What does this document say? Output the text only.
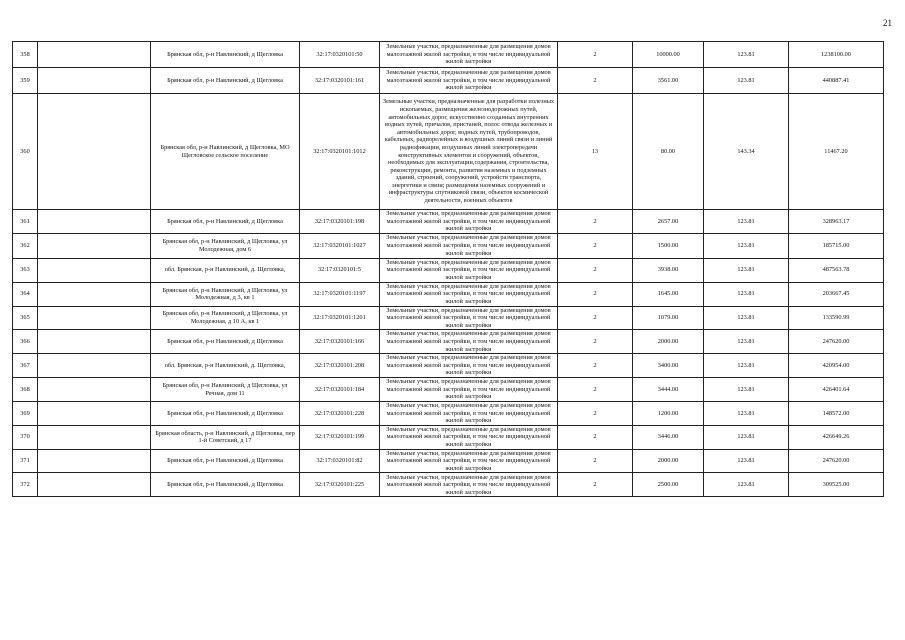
21
358		Брянская обл, р-н Навлинский, д Щегловка	32:17:0320101:50	Земельные участки, предназначенные для размещения домов малоэтажной жилой застройки, в том числе индивидуальной жилой застройки	2	10000.00	123.81	1238100.00
359		Брянская обл, р-н Навлинский, д Щегловка	32:17:0320101:161	Земельные участки, предназначенные для размещения домов малоэтажной жилой застройки, в том числе индивидуальной жилой застройки	2	3561.00	123.81	440887.41
360		Брянская обл, р-н Навлинский, д Щегловка, МО Щегловское сельское поселение	32:17:0320101:1012	Земельные участки, предназначенные для разработки полезных ископаемых, размещения железнодорожных путей, автомобильных дорог, искусственно созданных внутренних водных путей, причалов, пристаней, полос отвода железных и автомобильных дорог, водных путей, трубопроводов, кабельных, радиорелейных и воздушных линий связи и линий радиофикации, воздушных линий электропередачи конструктивных элементов и сооружений, объектов, необходимых для эксплуатации,содержания, строительства, реконструкции, ремонта, развития наземных и подземных зданий, строений, сооружений, устройств транспорта, энергетики и связи; размещения наземных сооружений и инфраструктуры спутниковой связи, объектов космической деятельности, военных объектов	13	80.00	143.34	11467.20
361		Брянская обл, р-н Навлинский, д Щегловка	32:17:0320101:198	Земельные участки, предназначенные для размещения домов малоэтажной жилой застройки, в том числе индивидуальной жилой застройки	2	2657.00	123.81	328963.17
362		Брянская обл, р-н Навлинский, д Щегловка, ул Молодежная, дом 6	32:17:0320101:1027	Земельные участки, предназначенные для размещения домов малоэтажной жилой застройки, в том числе индивидуальной жилой застройки	2	1500.00	123.81	185715.00
363		обл. Брянская, р-н Навлинский, д. Щегловка,	32:17:0320101:5	Земельные участки, предназначенные для размещения домов малоэтажной жилой застройки, в том числе индивидуальной жилой застройки	2	3938.00	123.81	487563.78
364		Брянская обл, р-н Навлинский, д Щегловка, ул Молодежная, д 3, кв 1	32:17:0320101:1197	Земельные участки, предназначенные для размещения домов малоэтажной жилой застройки, в том числе индивидуальной жилой застройки	2	1645.00	123.81	203667.45
365		Брянская обл, р-н Навлинский, д Щегловка, ул Молодежная, д 10 А, кв 1	32:17:0320101:1201	Земельные участки, предназначенные для размещения домов малоэтажной жилой застройки, в том числе индивидуальной жилой застройки	2	1079.00	123.81	133590.99
366		Брянская обл, р-н Навлинский, д Щегловка	32:17:0320101:166	Земельные участки, предназначенные для размещения домов малоэтажной жилой застройки, в том числе индивидуальной жилой застройки	2	2000.00	123.81	247620.00
367		обл. Брянская, р-н Навлинский, д. Щегловка,	32:17:0320101:208	Земельные участки, предназначенные для размещения домов малоэтажной жилой застройки, в том числе индивидуальной жилой застройки	2	3400.00	123.81	420954.00
368		Брянская обл, р-н Навлинский, д Щегловка, ул Речная, дом 11	32:17:0320101:184	Земельные участки, предназначенные для размещения домов малоэтажной жилой застройки, в том числе индивидуальной жилой застройки	2	3444.00	123.81	426401.64
369		Брянская обл, р-н Навлинский, д Щегловка	32:17:0320101:228	Земельные участки, предназначенные для размещения домов малоэтажной жилой застройки, в том числе индивидуальной жилой застройки	2	1200.00	123.81	148572.00
370		Брянская область, р-н Навлинский, д Щегловка, пер 1-й Советский, д 17	32:17:0320101:199	Земельные участки, предназначенные для размещения домов малоэтажной жилой застройки, в том числе индивидуальной жилой застройки	2	3446.00	123.81	426649.26
371		Брянская обл, р-н Навлинский, д Щегловка	32:17:0320101:82	Земельные участки, предназначенные для размещения домов малоэтажной жилой застройки, в том числе индивидуальной жилой застройки	2	2000.00	123.81	247620.00
372		Брянская обл, р-н Навлинский, д Щегловка	32:17:0320101:225	Земельные участки, предназначенные для размещения домов малоэтажной жилой застройки, в том числе индивидуальной жилой застройки	2	2500.00	123.81	309525.00
